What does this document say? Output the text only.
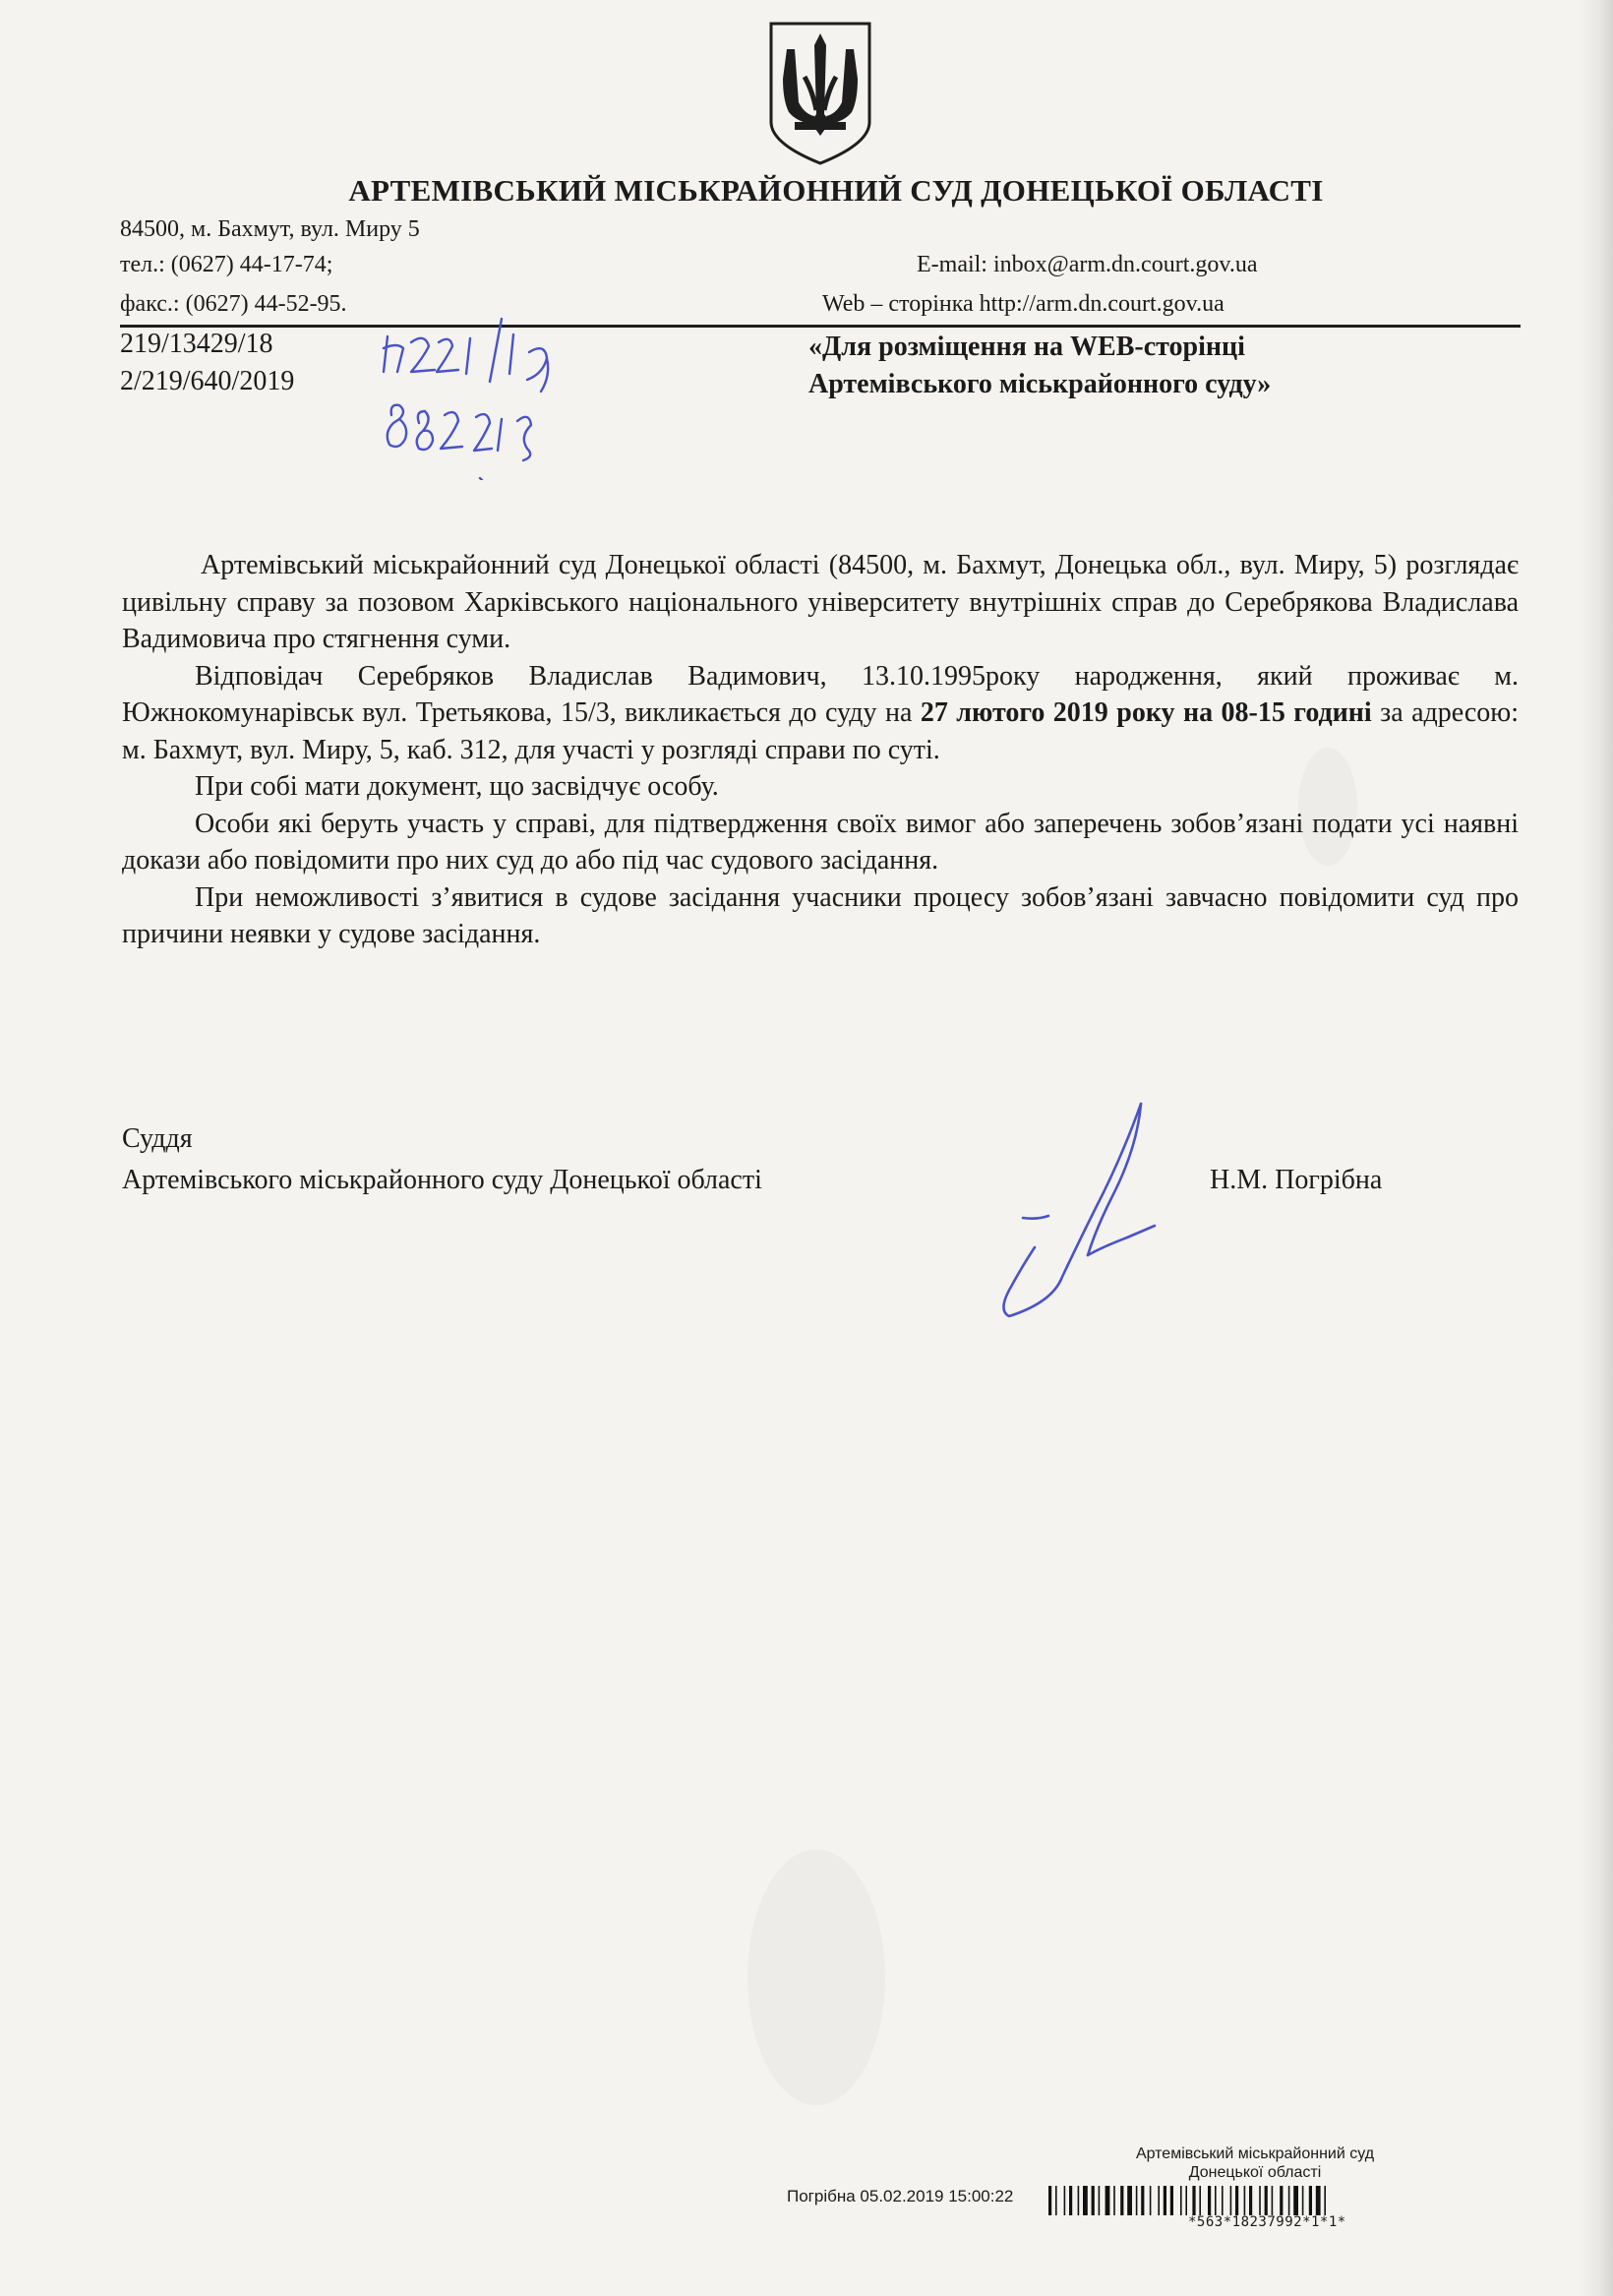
АРТЕМІВСЬКИЙ МІСЬКРАЙОННИЙ СУД ДОНЕЦЬКОЇ ОБЛАСТІ
84500, м. Бахмут, вул. Миру 5
тел.: (0627) 44-17-74;	E-mail: inbox@arm.dn.court.gov.ua
факс.: (0627) 44-52-95.	Web – сторінка http://arm.dn.court.gov.ua
219/13429/18
2/219/640/2019
«Для розміщення на WEB-сторінці
Артемівського міськрайонного суду»

Артемівський міськрайонний суд Донецької області (84500, м. Бахмут, Донецька обл., вул. Миру, 5) розглядає цивільну справу за позовом Харківського національного університету внутрішніх справ до Серебрякова Владислава Вадимовича про стягнення суми.

Відповідач Серебряков Владислав Вадимович, 13.10.1995року народження, який проживає м. Южнокомунарівськ вул. Третьякова, 15/3, викликається до суду на 27 лютого 2019 року на 08-15 годині за адресою: м. Бахмут, вул. Миру, 5, каб. 312, для участі у розгляді справи по суті.

При собі мати документ, що засвідчує особу.

Особи які беруть участь у справі, для підтвердження своїх вимог або заперечень зобов’язані подати усі наявні докази або повідомити про них суд до або під час судового засідання.

При неможливості з’явитися в судове засідання учасники процесу зобов’язані завчасно повідомити суд про причини неявки у судове засідання.

Суддя
Артемівського міськрайонного суду Донецької області	Н.М. Погрібна
Артемівський міськрайонний суд
Донецької області
Погрібна 05.02.2019 15:00:22
*563*18237992*1*1*
